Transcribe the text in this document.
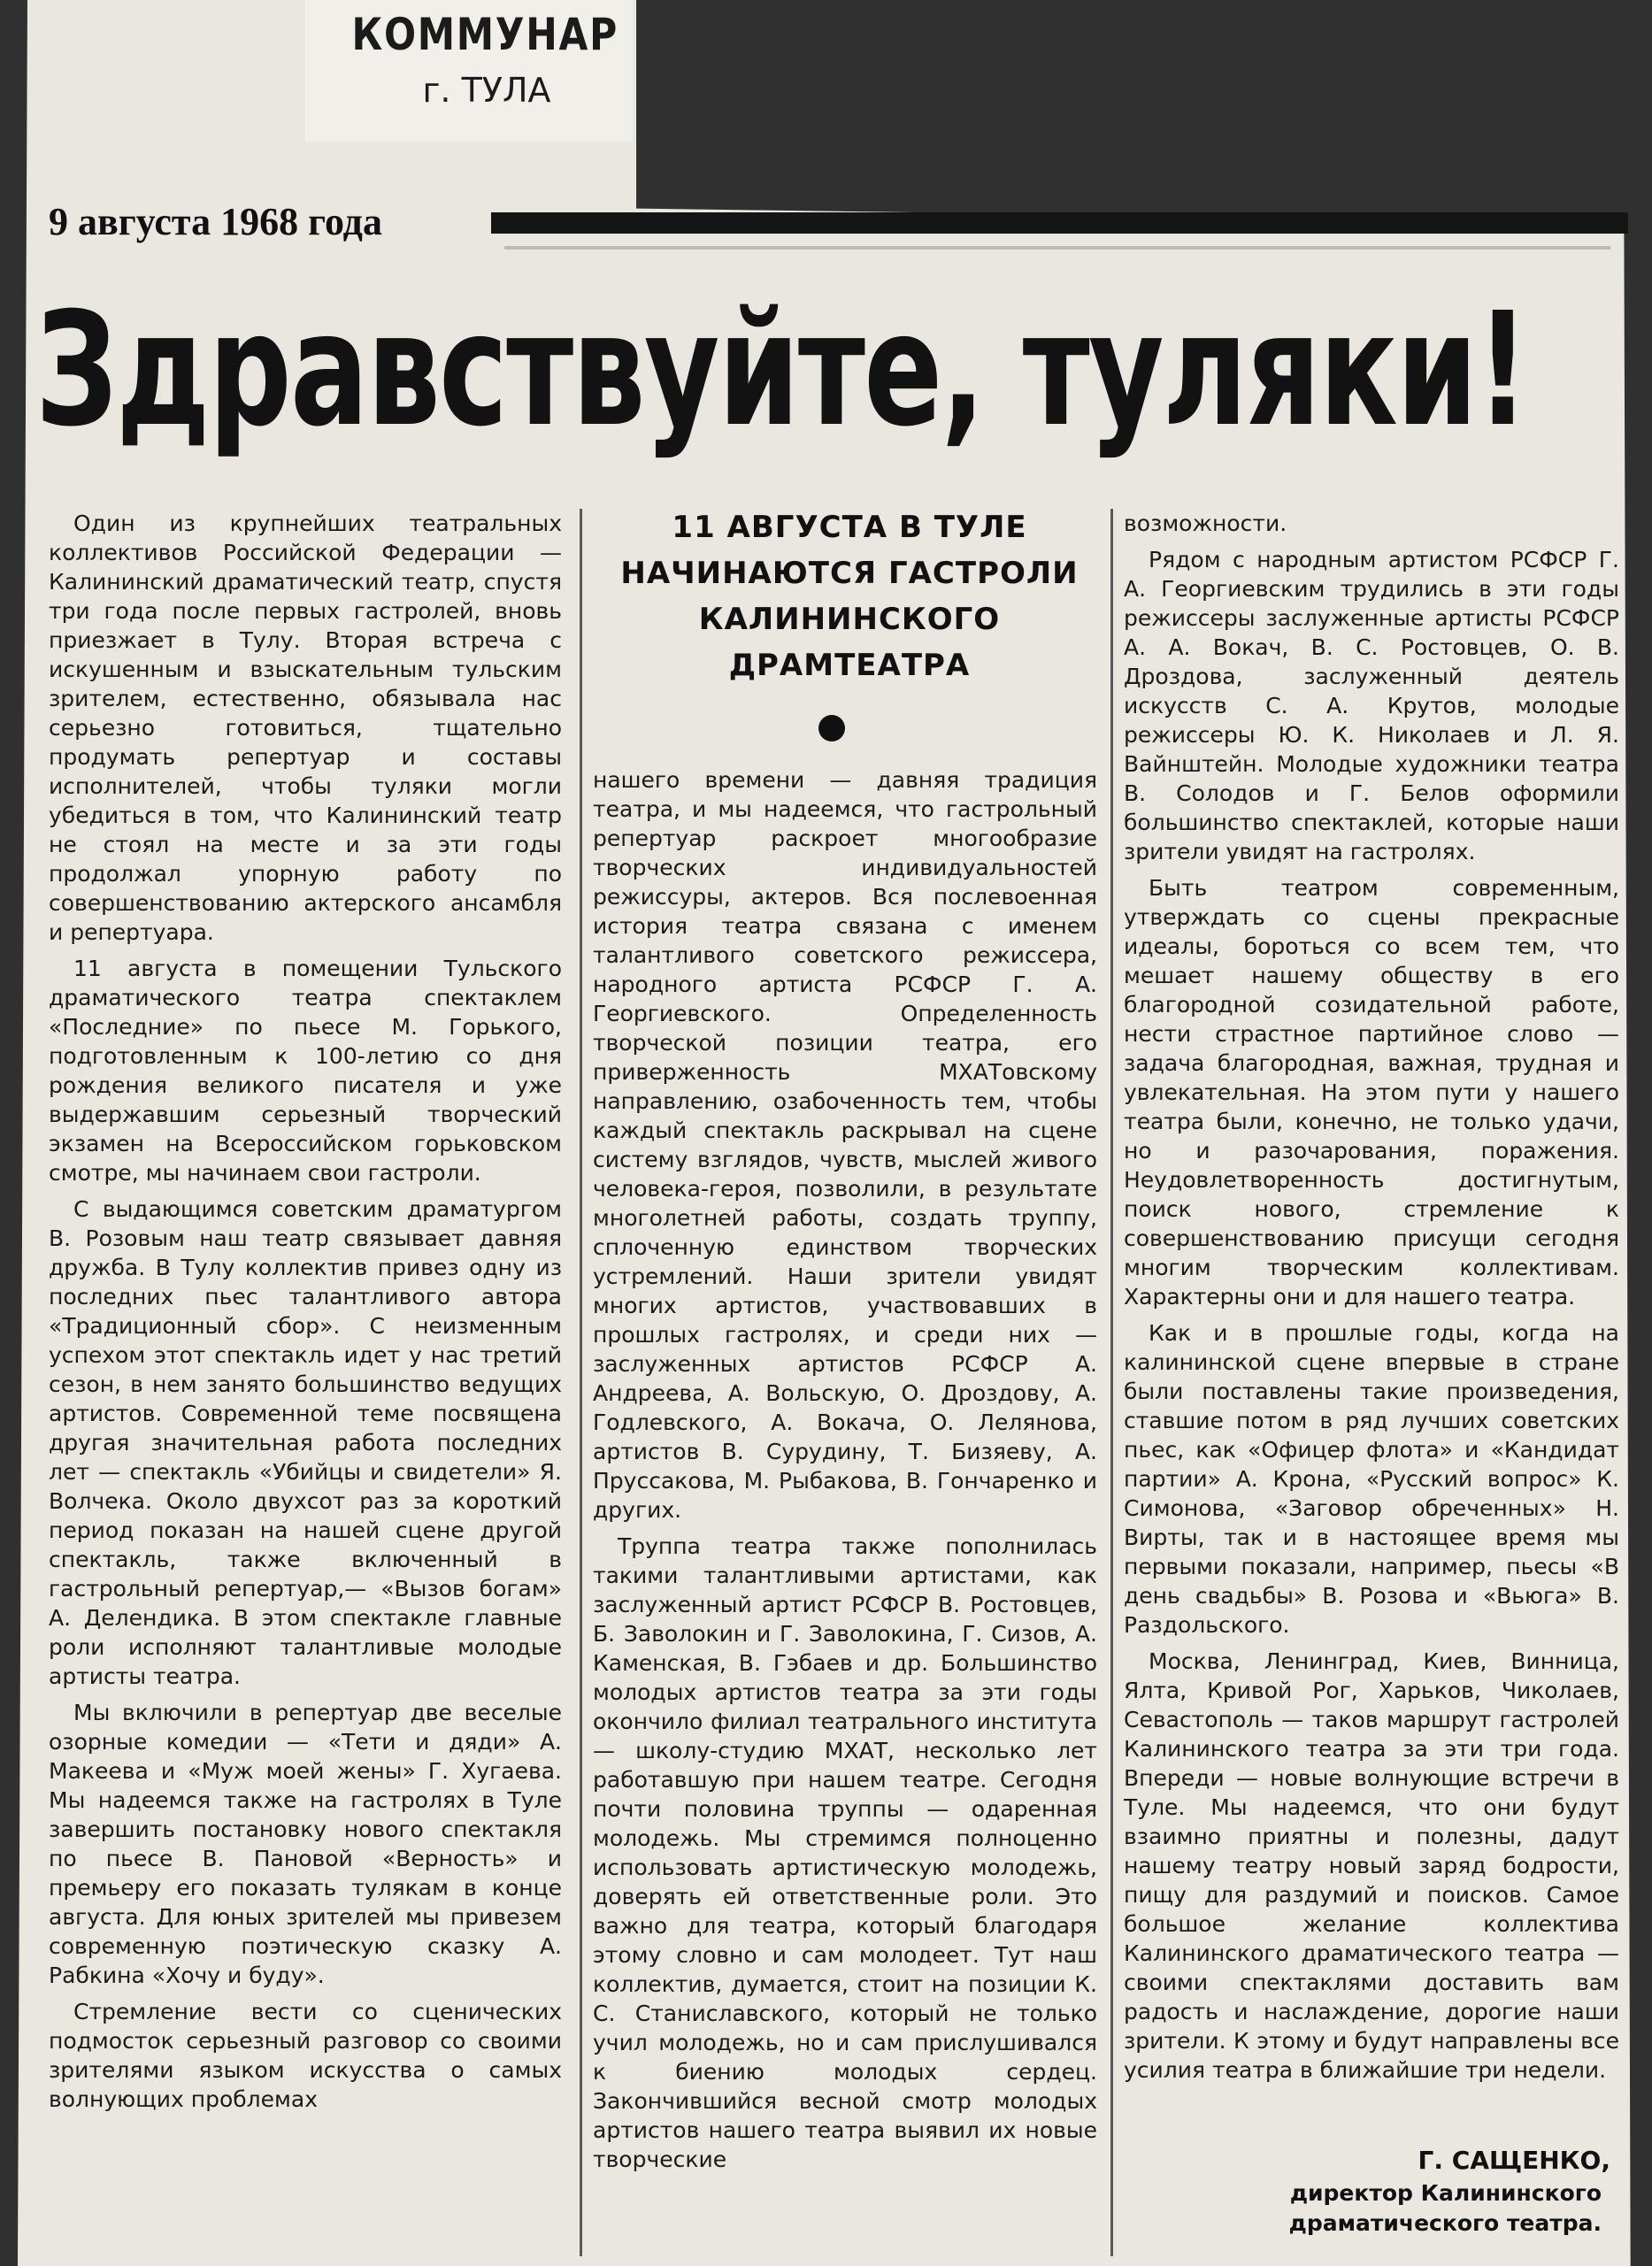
КОММУНАР
г. ТУЛА
9 августа 1968 года
Здравствуйте, туляки!

Один из крупнейших театральных коллективов Российской Федерации — Калининский драматический театр, спустя три года после первых гастролей, вновь приезжает в Тулу. Вторая встреча с искушенным и взыскательным тульским зрителем, естественно, обязывала нас серьезно готовиться, тщательно продумать репертуар и составы исполнителей, чтобы туляки могли убедиться в том, что Калининский театр не стоял на месте и за эти годы продолжал упорную работу по совершенствованию актерского ансамбля и репертуара.

11 августа в помещении Тульского драматического театра спектаклем «Последние» по пьесе М. Горького, подготовленным к 100-летию со дня рождения великого писателя и уже выдержавшим серьезный творческий экзамен на Всероссийском горьковском смотре, мы начинаем свои гастроли.

С выдающимся советским драматургом В. Розовым наш театр связывает давняя дружба. В Тулу коллектив привез одну из последних пьес талантливого автора «Традиционный сбор». С неизменным успехом этот спектакль идет у нас третий сезон, в нем занято большинство ведущих артистов. Современной теме посвящена другая значительная работа последних лет — спектакль «Убийцы и свидетели» Я. Волчека. Около двухсот раз за короткий период показан на нашей сцене другой спектакль, также включенный в гастрольный репертуар,— «Вызов богам» А. Делендика. В этом спектакле главные роли исполняют талантливые молодые артисты театра.

Мы включили в репертуар две веселые озорные комедии — «Тети и дяди» А. Макеева и «Муж моей жены» Г. Хугаева. Мы надеемся также на гастролях в Туле завершить постановку нового спектакля по пьесе В. Пановой «Верность» и премьеру его показать тулякам в конце августа. Для юных зрителей мы привезем современную поэтическую сказку А. Рабкина «Хочу и буду».

Стремление вести со сценических подмосток серьезный разговор со своими зрителями языком искусства о самых волнующих проблемах

11 АВГУСТА В ТУЛЕ НАЧИНАЮТСЯ ГАСТРОЛИ КАЛИНИНСКОГО ДРАМТЕАТРА

нашего времени — давняя традиция театра, и мы надеемся, что гастрольный репертуар раскроет многообразие творческих индивидуальностей режиссуры, актеров. Вся послевоенная история театра связана с именем талантливого советского режиссера, народного артиста РСФСР Г. А. Георгиевского. Определенность творческой позиции театра, его приверженность МХАТовскому направлению, озабоченность тем, чтобы каждый спектакль раскрывал на сцене систему взглядов, чувств, мыслей живого человека-героя, позволили, в результате многолетней работы, создать труппу, сплоченную единством творческих устремлений. Наши зрители увидят многих артистов, участвовавших в прошлых гастролях, и среди них — заслуженных артистов РСФСР А. Андреева, А. Вольскую, О. Дроздову, А. Годлевского, А. Вокача, О. Леляновa, артистов В. Сурудину, Т. Бизяеву, А. Пруссакова, М. Рыбакова, В. Гончаренко и других.

Труппа театра также пополнилась такими талантливыми артистами, как заслуженный артист РСФСР В. Ростовцев, Б. Заволокин и Г. Заволокина, Г. Сизов, А. Каменская, В. Гэбаев и др. Большинство молодых артистов театра за эти годы окончило филиал театрального института — школу-студию МХАТ, несколько лет работавшую при нашем театре. Сегодня почти половина труппы — одаренная молодежь. Мы стремимся полноценно использовать артистическую молодежь, доверять ей ответственные роли. Это важно для театра, который благодаря этому словно и сам молодеет. Тут наш коллектив, думается, стоит на позиции К. С. Станиславского, который не только учил молодежь, но и сам прислушивался к биению молодых сердец. Закончившийся весной смотр молодых артистов нашего театра выявил их новые творческие

возможности.

Рядом с народным артистом РСФСР Г. А. Георгиевским трудились в эти годы режиссеры заслуженные артисты РСФСР А. А. Вокач, В. С. Ростовцев, О. В. Дроздова, заслуженный деятель искусств С. А. Крутов, молодые режиссеры Ю. К. Николаев и Л. Я. Вайнштейн. Молодые художники театра В. Солодов и Г. Белов оформили большинство спектаклей, которые наши зрители увидят на гастролях.

Быть театром современным, утверждать со сцены прекрасные идеалы, бороться со всем тем, что мешает нашему обществу в его благородной созидательной работе, нести страстное партийное слово — задача благородная, важная, трудная и увлекательная. На этом пути у нашего театра были, конечно, не только удачи, но и разочарования, поражения. Неудовлетворенность достигнутым, поиск нового, стремление к совершенствованию присущи сегодня многим творческим коллективам. Характерны они и для нашего театра.

Как и в прошлые годы, когда на калининской сцене впервые в стране были поставлены такие произведения, ставшие потом в ряд лучших советских пьес, как «Офицер флота» и «Кандидат партии» А. Крона, «Русский вопрос» К. Симонова, «Заговор обреченных» Н. Вирты, так и в настоящее время мы первыми показали, например, пьесы «В день свадьбы» В. Розова и «Вьюга» В. Раздольского.

Москва, Ленинград, Киев, Винница, Ялта, Кривой Рог, Харьков, Чиколаев, Севастополь — таков маршрут гастролей Калининского театра за эти три года. Впереди — новые волнующие встречи в Туле. Мы надеемся, что они будут взаимно приятны и полезны, дадут нашему театру новый заряд бодрости, пищу для раздумий и поисков. Самое большое желание коллектива Калининского драматического театра — своими спектаклями доставить вам радость и наслаждение, дорогие наши зрители. К этому и будут направлены все усилия театра в ближайшие три недели.

Г. САЩЕНКО,
директор Калининского драматического театра.
